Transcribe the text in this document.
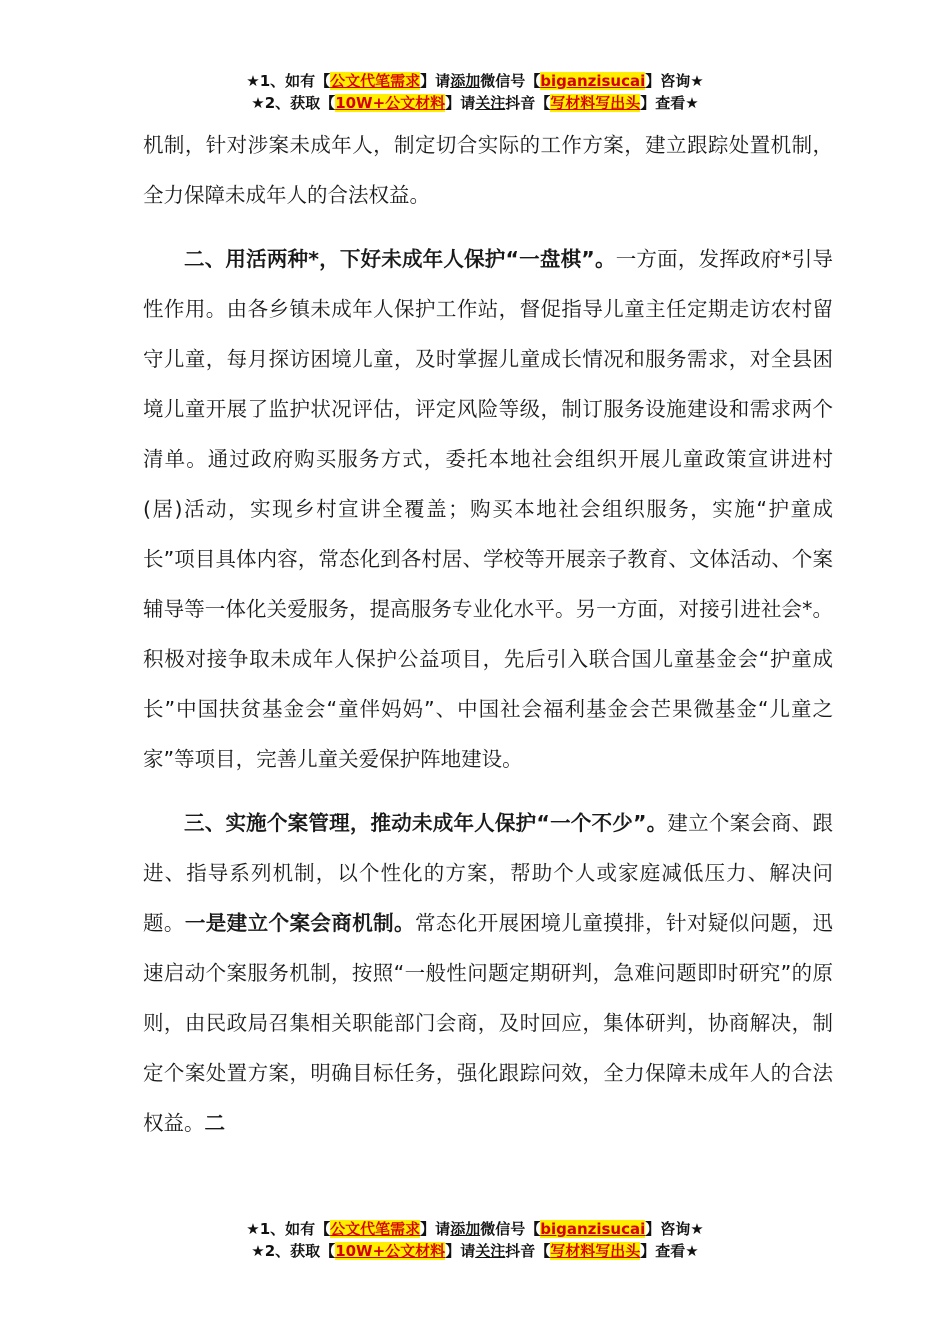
★1、如有【公文代笔需求】请添加微信号【biganzisucai】咨询★
★2、获取【10W+公文材料】请关注抖音【写材料写出头】查看★

机制，针对涉案未成年人，制定切合实际的工作方案，建立跟踪处置机制，全力保障未成年人的合法权益。

二、用活两种*，下好未成年人保护“一盘棋”。一方面，发挥政府*引导性作用。由各乡镇未成年人保护工作站，督促指导儿童主任定期走访农村留守儿童，每月探访困境儿童，及时掌握儿童成长情况和服务需求，对全县困境儿童开展了监护状况评估，评定风险等级，制订服务设施建设和需求两个清单。通过政府购买服务方式，委托本地社会组织开展儿童政策宣讲进村(居)活动，实现乡村宣讲全覆盖；购买本地社会组织服务，实施“护童成长”项目具体内容，常态化到各村居、学校等开展亲子教育、文体活动、个案辅导等一体化关爱服务，提高服务专业化水平。另一方面，对接引进社会*。积极对接争取未成年人保护公益项目，先后引入联合国儿童基金会“护童成长”中国扶贫基金会“童伴妈妈”、中国社会福利基金会芒果微基金“儿童之家”等项目，完善儿童关爱保护阵地建设。

三、实施个案管理，推动未成年人保护“一个不少”。建立个案会商、跟进、指导系列机制，以个性化的方案，帮助个人或家庭减低压力、解决问题。一是建立个案会商机制。常态化开展困境儿童摸排，针对疑似问题，迅速启动个案服务机制，按照“一般性问题定期研判，急难问题即时研究”的原则，由民政局召集相关职能部门会商，及时回应，集体研判，协商解决，制定个案处置方案，明确目标任务，强化跟踪问效，全力保障未成年人的合法权益。二

★1、如有【公文代笔需求】请添加微信号【biganzisucai】咨询★
★2、获取【10W+公文材料】请关注抖音【写材料写出头】查看★
